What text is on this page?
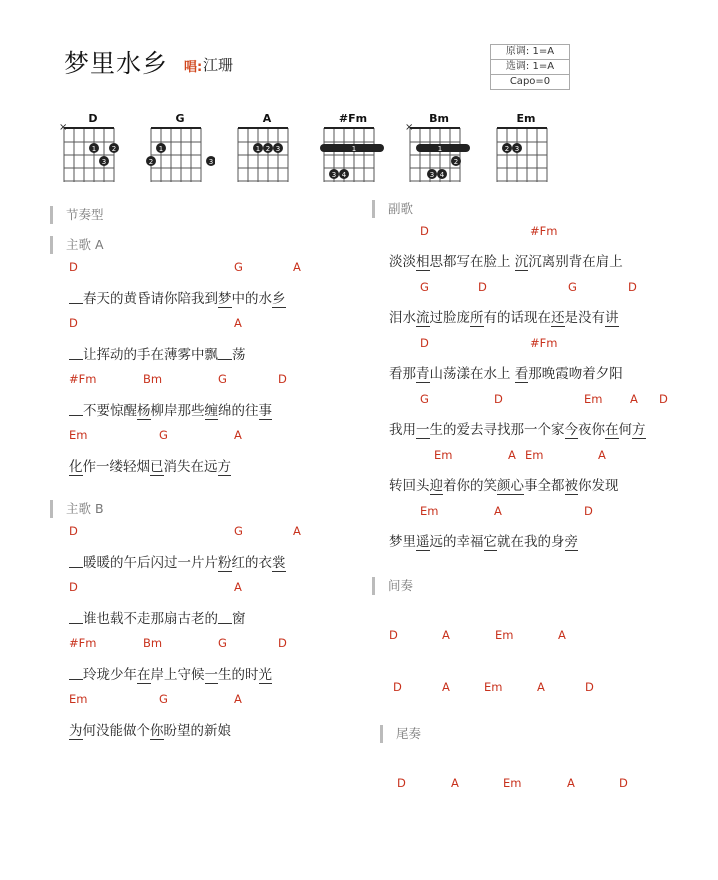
梦里水乡 唱: 江珊
原调: 1=A
选调: 1=A
Capo=0
D
×
1 2
3
G
1
2	3
A
1 2 3
#Fm
1
3 4
Bm
×
1
2
3 4
Em
2 3
节奏型
主歌 A
D	G	A
春天的黄昏请你陪我到梦中的水乡
D	A
让挥动的手在薄雾中飘 荡
#Fm	Bm	G	D
不要惊醒杨柳岸那些缠绵的往事
Em	G	A
化作一缕轻烟已消失在远方
主歌 B
D	G	A
暖暖的午后闪过一片片粉红的衣裳
D	A
谁也载不走那扇古老的 窗
#Fm	Bm	G	D
玲珑少年在岸上守候一生的时光
Em	G	A
为何没能做个你盼望的新娘
副歌
D	#Fm
淡淡相思都写在脸上 沉沉离别背在肩上
G	D	G	D
泪水流过脸庞所有的话现在还是没有讲
D	#Fm
看那青山荡漾在水上 看那晚霞吻着夕阳
G	D	Em A D
我用一生的爱去寻找那一个家今夜你在何方
Em	A Em	A
转回头迎着你的笑颜心事全都被你发现
Em	A	D
梦里遥远的幸福它就在我的身旁
间奏
D	A	Em	A
D	A	Em	A	D
尾奏
D	A	Em	A	D
